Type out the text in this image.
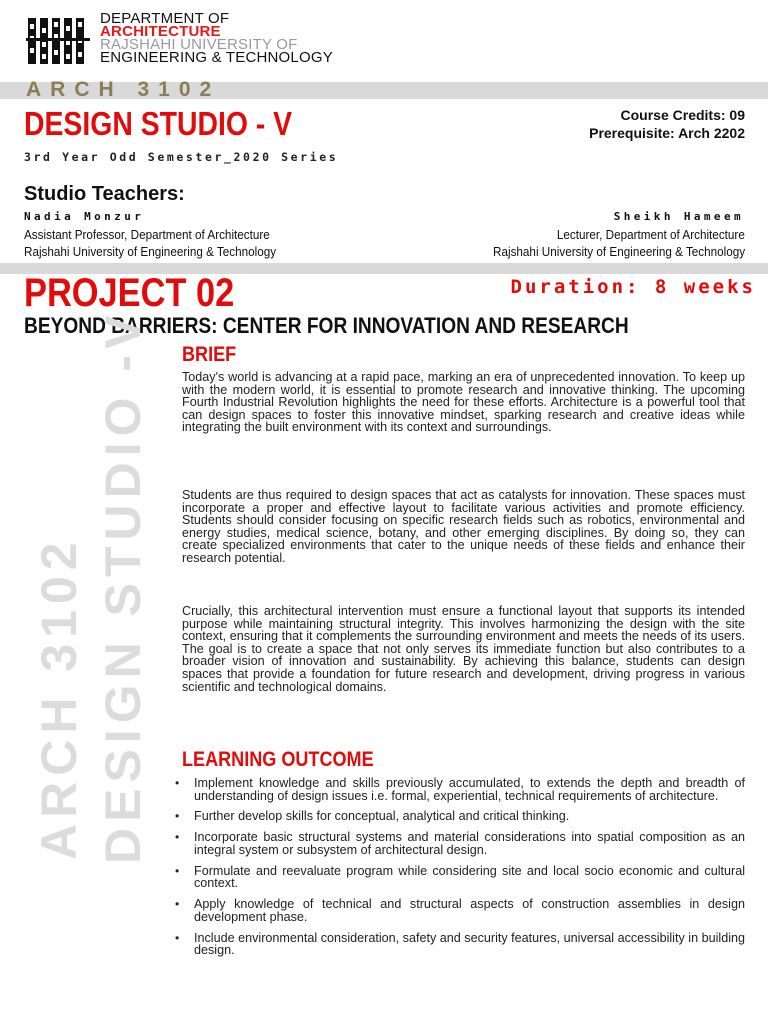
DEPARTMENT OF
ARCHITECTURE
RAJSHAHI UNIVERSITY OF
ENGINEERING & TECHNOLOGY
ARCH 3102
DESIGN STUDIO - V	Course Credits: 09
Prerequisite: Arch 2202
3rd Year Odd Semester_2020 Series
Studio Teachers:
Nadia Monzur
Assistant Professor, Department of Architecture
Rajshahi University of Engineering & Technology
Sheikh Hameem
Lecturer, Department of Architecture
Rajshahi University of Engineering & Technology
PROJECT 02	Duration: 8 weeks
BEYOND BARRIERS: CENTER FOR INNOVATION AND RESEARCH
ARCH 3102 DESIGN STUDIO -V BRIEF

Today's world is advancing at a rapid pace, marking an era of unprecedented innovation. To keep up with the modern world, it is essential to promote research and innovative thinking. The upcoming Fourth Industrial Revolution highlights the need for these efforts. Architecture is a powerful tool that can design spaces to foster this innovative mindset, sparking research and creative ideas while integrating the built environment with its context and surroundings.

Students are thus required to design spaces that act as catalysts for innovation. These spaces must incorporate a proper and effective layout to facilitate various activities and promote efficiency. Students should consider focusing on specific research fields such as robotics, environmental and energy studies, medical science, botany, and other emerging disciplines. By doing so, they can create specialized environments that cater to the unique needs of these fields and enhance their research potential.

Crucially, this architectural intervention must ensure a functional layout that supports its intended purpose while maintaining structural integrity. This involves harmonizing the design with the site context, ensuring that it complements the surrounding environment and meets the needs of its users. The goal is to create a space that not only serves its immediate function but also contributes to a broader vision of innovation and sustainability. By achieving this balance, students can design spaces that provide a foundation for future research and development, driving progress in various scientific and technological domains.

LEARNING OUTCOME
• Implement knowledge and skills previously accumulated, to extends the depth and breadth of understanding of design issues i.e. formal, experiential, technical requirements of architecture.
• Further develop skills for conceptual, analytical and critical thinking.
• Incorporate basic structural systems and material considerations into spatial composition as an integral system or subsystem of architectural design.
• Formulate and reevaluate program while considering site and local socio economic and cultural context.
• Apply knowledge of technical and structural aspects of construction assemblies in design development phase.
• Include environmental consideration, safety and security features, universal accessibility in building design.
